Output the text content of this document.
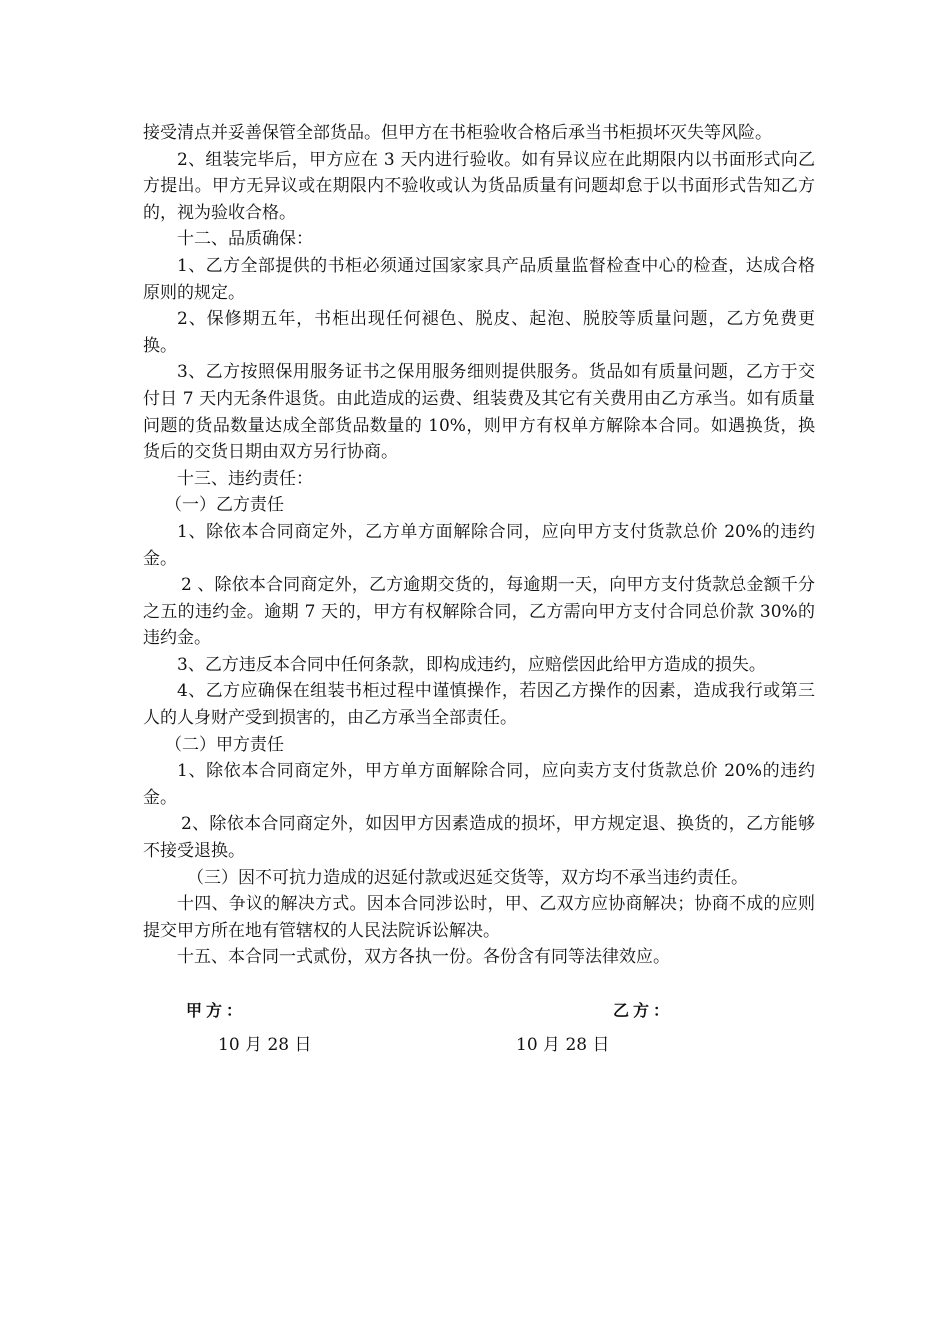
接受清点并妥善保管全部货品。但甲方在书柜验收合格后承当书柜损坏灭失等风险。

2、组装完毕后，甲方应在 3 天内进行验收。如有异议应在此期限内以书面形式向乙方提出。甲方无异议或在期限内不验收或认为货品质量有问题却怠于以书面形式告知乙方的，视为验收合格。

十二、品质确保：

1、乙方全部提供的书柜必须通过国家家具产品质量监督检查中心的检查，达成合格原则的规定。

2、保修期五年，书柜出现任何褪色、脱皮、起泡、脱胶等质量问题，乙方免费更换。

3、乙方按照保用服务证书之保用服务细则提供服务。货品如有质量问题，乙方于交付日 7 天内无条件退货。由此造成的运费、组装费及其它有关费用由乙方承当。如有质量问题的货品数量达成全部货品数量的 10%，则甲方有权单方解除本合同。如遇换货，换货后的交货日期由双方另行协商。

十三、违约责任：

（一）乙方责任

1、除依本合同商定外，乙方单方面解除合同，应向甲方支付货款总价 20%的违约金。

2 、除依本合同商定外，乙方逾期交货的，每逾期一天，向甲方支付货款总金额千分之五的违约金。逾期 7 天的，甲方有权解除合同，乙方需向甲方支付合同总价款 30%的违约金。

3、乙方违反本合同中任何条款，即构成违约，应赔偿因此给甲方造成的损失。

4、乙方应确保在组装书柜过程中谨慎操作，若因乙方操作的因素，造成我行或第三人的人身财产受到损害的，由乙方承当全部责任。

（二）甲方责任

1、除依本合同商定外，甲方单方面解除合同，应向卖方支付货款总价 20%的违约金。

2、除依本合同商定外，如因甲方因素造成的损坏，甲方规定退、换货的，乙方能够不接受退换。

（三）因不可抗力造成的迟延付款或迟延交货等，双方均不承当违约责任。

十四、争议的解决方式。因本合同涉讼时，甲、乙双方应协商解决；协商不成的应则提交甲方所在地有管辖权的人民法院诉讼解决。

十五、本合同一式贰份，双方各执一份。各份含有同等法律效应。

甲方：	乙方：
10 月 28 日	10 月 28 日
